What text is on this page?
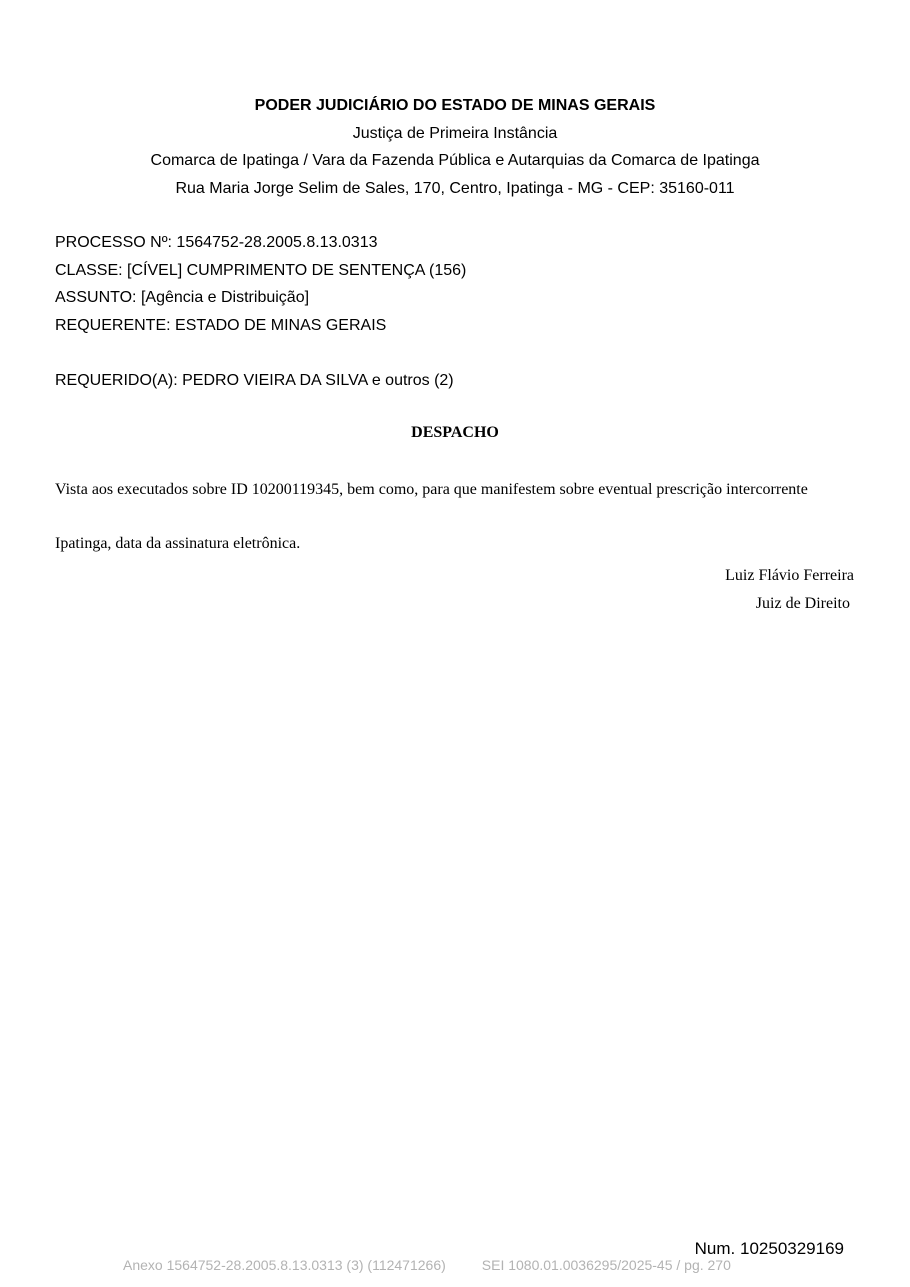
PODER JUDICIÁRIO DO ESTADO DE MINAS GERAIS
Justiça de Primeira Instância
Comarca de Ipatinga / Vara da Fazenda Pública e Autarquias da Comarca de Ipatinga
Rua Maria Jorge Selim de Sales, 170, Centro, Ipatinga - MG - CEP: 35160-011
PROCESSO Nº: 1564752-28.2005.8.13.0313
CLASSE: [CÍVEL] CUMPRIMENTO DE SENTENÇA (156)
ASSUNTO: [Agência e Distribuição]
REQUERENTE: ESTADO DE MINAS GERAIS
REQUERIDO(A): PEDRO VIEIRA DA SILVA e outros (2)
DESPACHO
Vista aos executados sobre ID 10200119345, bem como, para que manifestem sobre eventual prescrição intercorrente
Ipatinga, data da assinatura eletrônica.
Luiz Flávio Ferreira
Juiz de Direito
Num. 10250329169
Anexo 1564752-28.2005.8.13.0313 (3) (112471266)	SEI 1080.01.0036295/2025-45 / pg. 270
